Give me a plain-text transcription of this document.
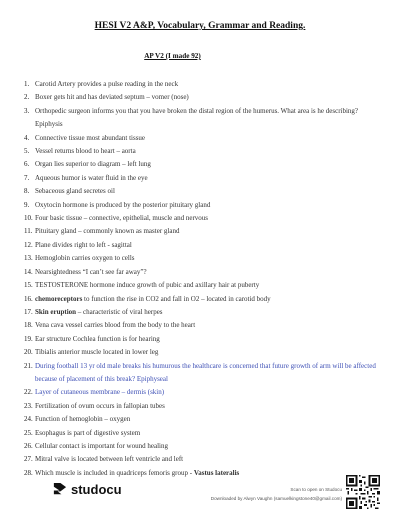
HESI V2 A&P, Vocabulary, Grammar and Reading.
AP V2 (I made 92)
1. Carotid Artery provides a pulse reading in the neck
2. Boxer gets hit and has deviated septum – vomer (nose)
3. Orthopedic surgeon informs you that you have broken the distal region of the humerus. What area is he describing? Epiphysis
4. Connective tissue most abundant tissue
5. Vessel returns blood to heart – aorta
6. Organ lies superior to diagram – left lung
7. Aqueous humor is water fluid in the eye
8. Sebaceous gland secretes oil
9. Oxytocin hormone is produced by the posterior pituitary gland
10. Four basic tissue – connective, epithelial, muscle and nervous
11. Pituitary gland – commonly known as master gland
12. Plane divides right to left - sagittal
13. Hemoglobin carries oxygen to cells
14. Nearsightedness “I can’t see far away”?
15. TESTOSTERONE hormone induce growth of pubic and axillary hair at puberty
16. chemoreceptors to function the rise in CO2 and fall in O2 – located in carotid body
17. Skin eruption – characteristic of viral herpes
18. Vena cava vessel carries blood from the body to the heart
19. Ear structure Cochlea function is for hearing
20. Tibialis anterior muscle located in lower leg
21. During football 13 yr old male breaks his humurous the healthcare is concerned that future growth of arm will be affected because of placement of this break? Epiphyseal
22. Layer of cutaneous membrane – dermis (skin)
23. Fertilization of ovum occurs in fallopian tubes
24. Function of hemoglobin – oxygen
25. Esophagus is part of digestive system
26. Cellular contact is important for wound healing
27. Mitral valve is located between left ventricle and left
28. Which muscle is included in quadriceps femoris group - Vastus lateralis
studocu	Scan to open on Studocu
Downloaded by Alwyn Vaughn (samuelkingstone40@gmail.com)
